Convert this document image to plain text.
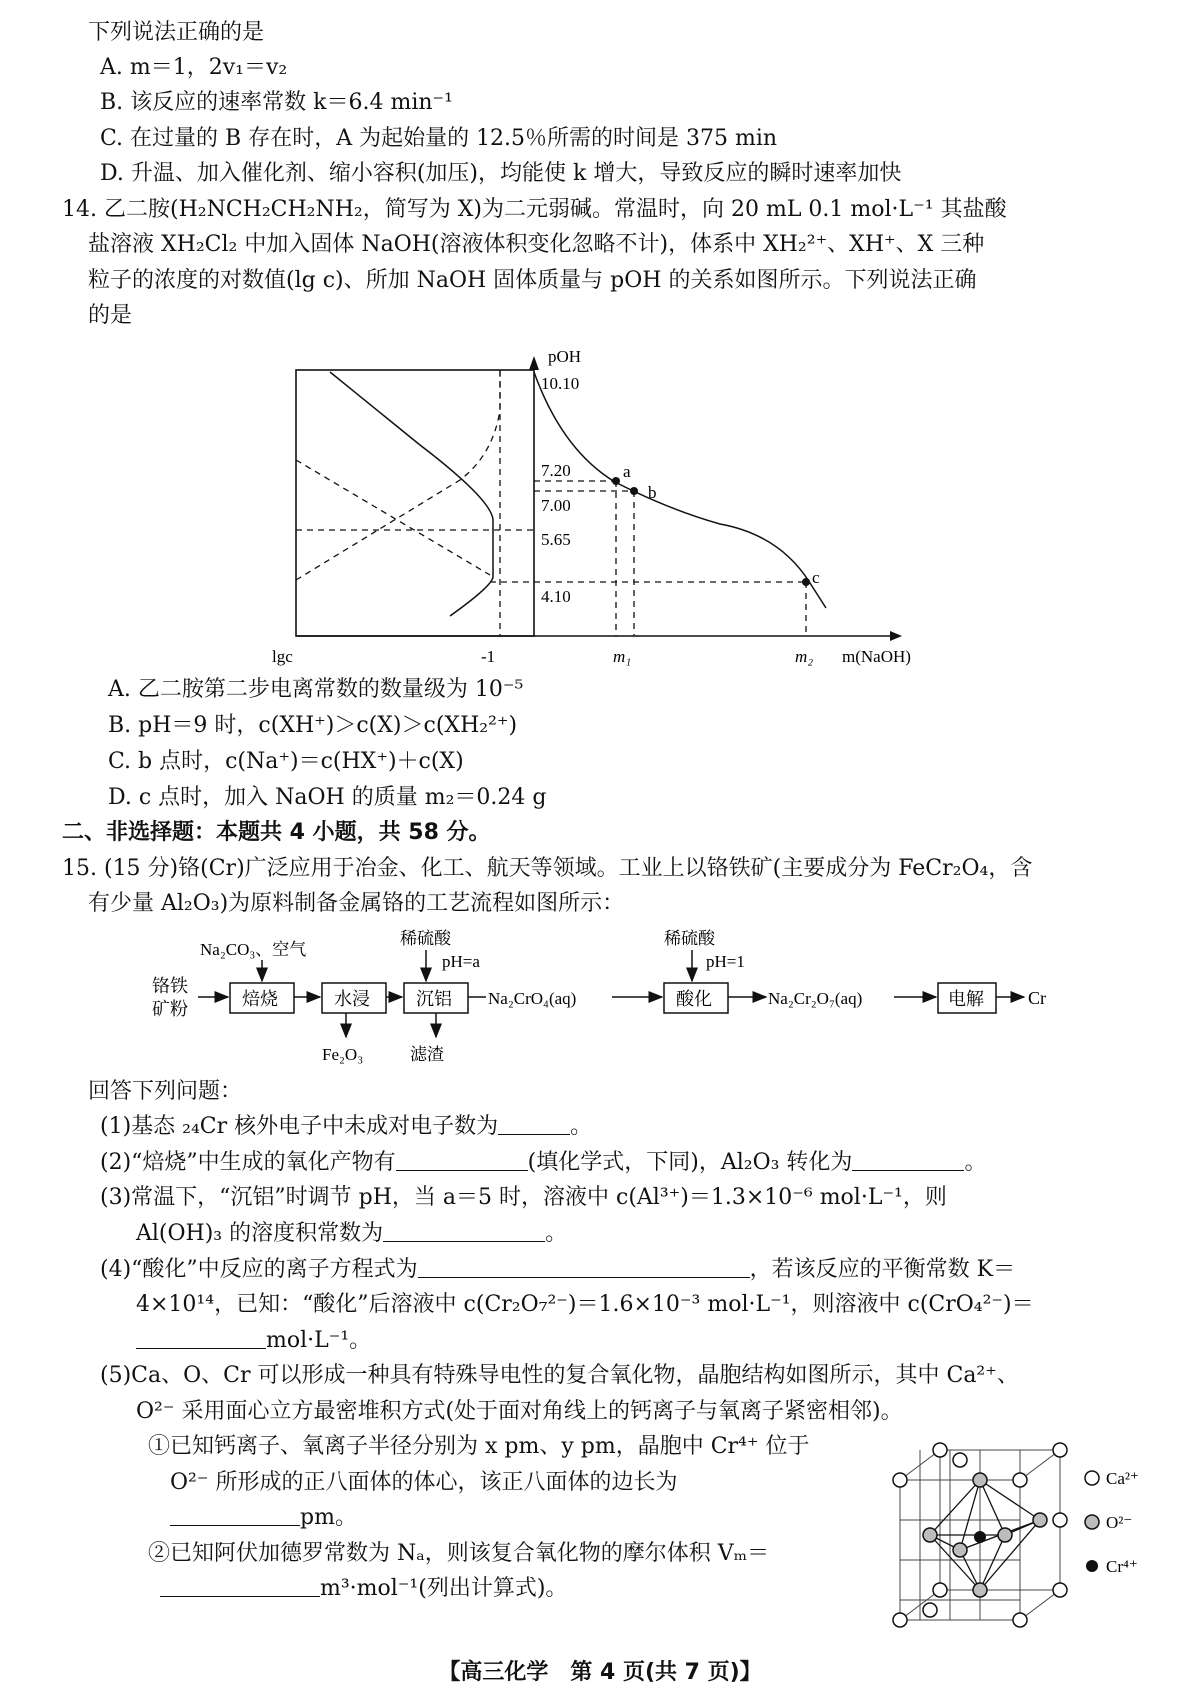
下列说法正确的是
A. m＝1，2v₁＝v₂
B. 该反应的速率常数 k＝6.4 min⁻¹
C. 在过量的 B 存在时，A 为起始量的 12.5％所需的时间是 375 min
D. 升温、加入催化剂、缩小容积(加压)，均能使 k 增大，导致反应的瞬时速率加快
14. 乙二胺(H₂NCH₂CH₂NH₂，简写为 X)为二元弱碱。常温时，向 20 mL 0.1 mol·L⁻¹ 其盐酸
盐溶液 XH₂Cl₂ 中加入固体 NaOH(溶液体积变化忽略不计)，体系中 XH₂²⁺、XH⁺、X 三种
粒子的浓度的对数值(lg c)、所加 NaOH 固体质量与 pOH 的关系如图所示。下列说法正确
的是
pOH
10.10
7.20
7.00
5.65
4.10
lgc	-1	m₁	m₂ m(NaOH)
a
b
c
A. 乙二胺第二步电离常数的数量级为 10⁻⁵
B. pH＝9 时，c(XH⁺)＞c(X)＞c(XH₂²⁺)
C. b 点时，c(Na⁺)＝c(HX⁺)＋c(X)
D. c 点时，加入 NaOH 的质量 m₂＝0.24 g
二、非选择题：本题共 4 小题，共 58 分。
15. (15 分)铬(Cr)广泛应用于冶金、化工、航天等领域。工业上以铬铁矿(主要成分为 FeCr₂O₄，含
有少量 Al₂O₃)为原料制备金属铬的工艺流程如图所示：
铬铁
矿粉	焙烧
Na₂CO₃、空气
水浸
Fe₂O₃
沉铝
稀硫酸
pH=a
滤渣
Na₂CrO₄(aq)	酸化
稀硫酸
pH=1
Na₂Cr₂O₇(aq)	电解 Cr
回答下列问题：
(1)基态 ₂₄Cr 核外电子中未成对电子数为	。
(2)“焙烧”中生成的氧化产物有	(填化学式，下同)，Al₂O₃ 转化为	。
(3)常温下，“沉铝”时调节 pH，当 a＝5 时，溶液中 c(Al³⁺)＝1.3×10⁻⁶ mol·L⁻¹，则
Al(OH)₃ 的溶度积常数为	。
(4)“酸化”中反应的离子方程式为	，若该反应的平衡常数 K＝
4×10¹⁴，已知：“酸化”后溶液中 c(Cr₂O₇²⁻)＝1.6×10⁻³ mol·L⁻¹，则溶液中 c(CrO₄²⁻)＝
mol·L⁻¹。
(5)Ca、O、Cr 可以形成一种具有特殊导电性的复合氧化物，晶胞结构如图所示，其中 Ca²⁺、
O²⁻ 采用面心立方最密堆积方式(处于面对角线上的钙离子与氧离子紧密相邻)。
①已知钙离子、氧离子半径分别为 x pm、y pm，晶胞中 Cr⁴⁺ 位于
O²⁻ 所形成的正八面体的体心，该正八面体的边长为
pm。
②已知阿伏加德罗常数为 Nₐ，则该复合氧化物的摩尔体积 Vₘ＝
m³·mol⁻¹(列出计算式)。
Ca²⁺
O²⁻
Cr⁴⁺
【高三化学　第 4 页(共 7 页)】
